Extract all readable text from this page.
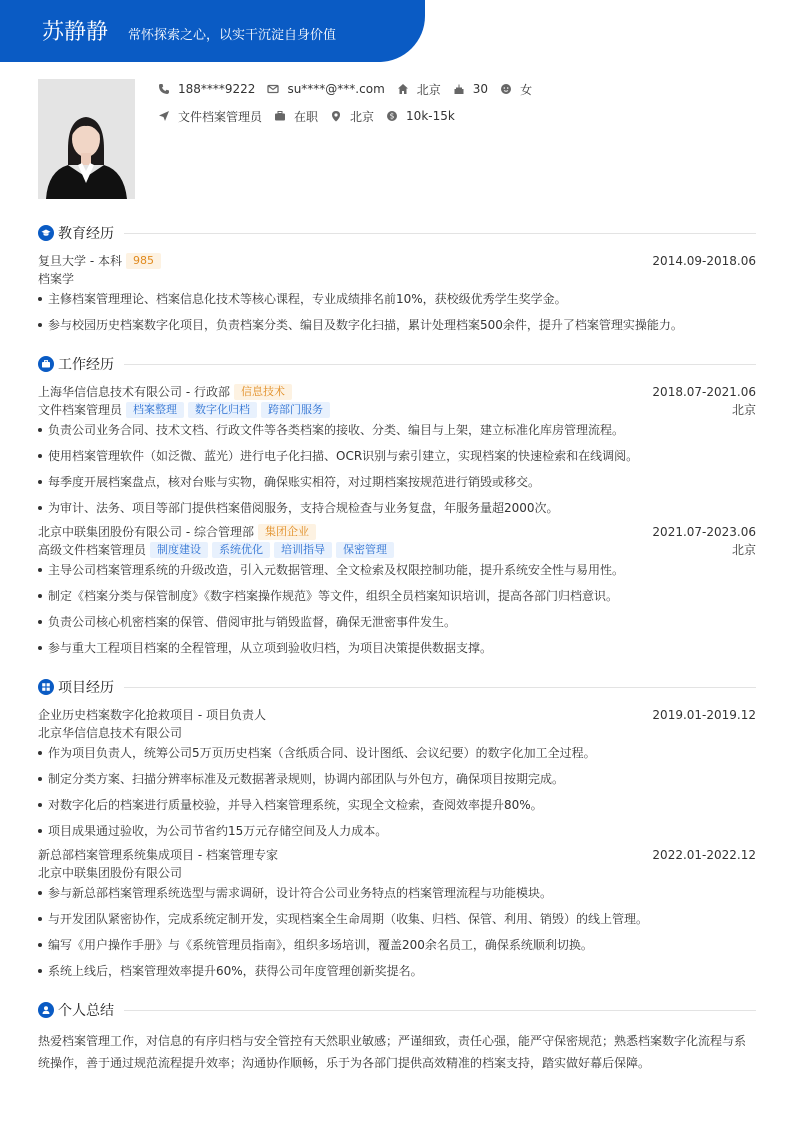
苏静静 常怀探索之心，以实干沉淀自身价值
188****9222	su****@***.com	北京	30	女
文件档案管理员	在职	北京 $ 10k-15k
教育经历
复旦大学 - 本科 985	2014.09-2018.06
档案学
主修档案管理理论、档案信息化技术等核心课程，专业成绩排名前10%，获校级优秀学生奖学金。
参与校园历史档案数字化项目，负责档案分类、编目及数字化扫描，累计处理档案500余件，提升了档案管理实操能力。
工作经历
上海华信信息技术有限公司 - 行政部 信息技术	2018.07-2021.06
文件档案管理员 档案整理 数字化归档 跨部门服务	北京
负责公司业务合同、技术文档、行政文件等各类档案的接收、分类、编目与上架，建立标准化库房管理流程。
使用档案管理软件（如泛微、蓝光）进行电子化扫描、OCR识别与索引建立，实现档案的快速检索和在线调阅。
每季度开展档案盘点，核对台账与实物，确保账实相符，对过期档案按规范进行销毁或移交。
为审计、法务、项目等部门提供档案借阅服务，支持合规检查与业务复盘，年服务量超2000次。
北京中联集团股份有限公司 - 综合管理部 集团企业	2021.07-2023.06
高级文件档案管理员 制度建设 系统优化 培训指导 保密管理	北京
主导公司档案管理系统的升级改造，引入元数据管理、全文检索及权限控制功能，提升系统安全性与易用性。
制定《档案分类与保管制度》《数字档案操作规范》等文件，组织全员档案知识培训，提高各部门归档意识。
负责公司核心机密档案的保管、借阅审批与销毁监督，确保无泄密事件发生。
参与重大工程项目档案的全程管理，从立项到验收归档，为项目决策提供数据支撑。
项目经历
企业历史档案数字化抢救项目 - 项目负责人	2019.01-2019.12
北京华信信息技术有限公司
作为项目负责人，统筹公司5万页历史档案（含纸质合同、设计图纸、会议纪要）的数字化加工全过程。
制定分类方案、扫描分辨率标准及元数据著录规则，协调内部团队与外包方，确保项目按期完成。
对数字化后的档案进行质量校验，并导入档案管理系统，实现全文检索，查阅效率提升80%。
项目成果通过验收，为公司节省约15万元存储空间及人力成本。
新总部档案管理系统集成项目 - 档案管理专家	2022.01-2022.12
北京中联集团股份有限公司
参与新总部档案管理系统选型与需求调研，设计符合公司业务特点的档案管理流程与功能模块。
与开发团队紧密协作，完成系统定制开发，实现档案全生命周期（收集、归档、保管、利用、销毁）的线上管理。
编写《用户操作手册》与《系统管理员指南》，组织多场培训，覆盖200余名员工，确保系统顺利切换。
系统上线后，档案管理效率提升60%，获得公司年度管理创新奖提名。
个人总结
热爱档案管理工作，对信息的有序归档与安全管控有天然职业敏感；严谨细致，责任心强，能严守保密规范；熟悉档案数字化流程与系统操作，善于通过规范流程提升效率；沟通协作顺畅，乐于为各部门提供高效精准的档案支持，踏实做好幕后保障。
